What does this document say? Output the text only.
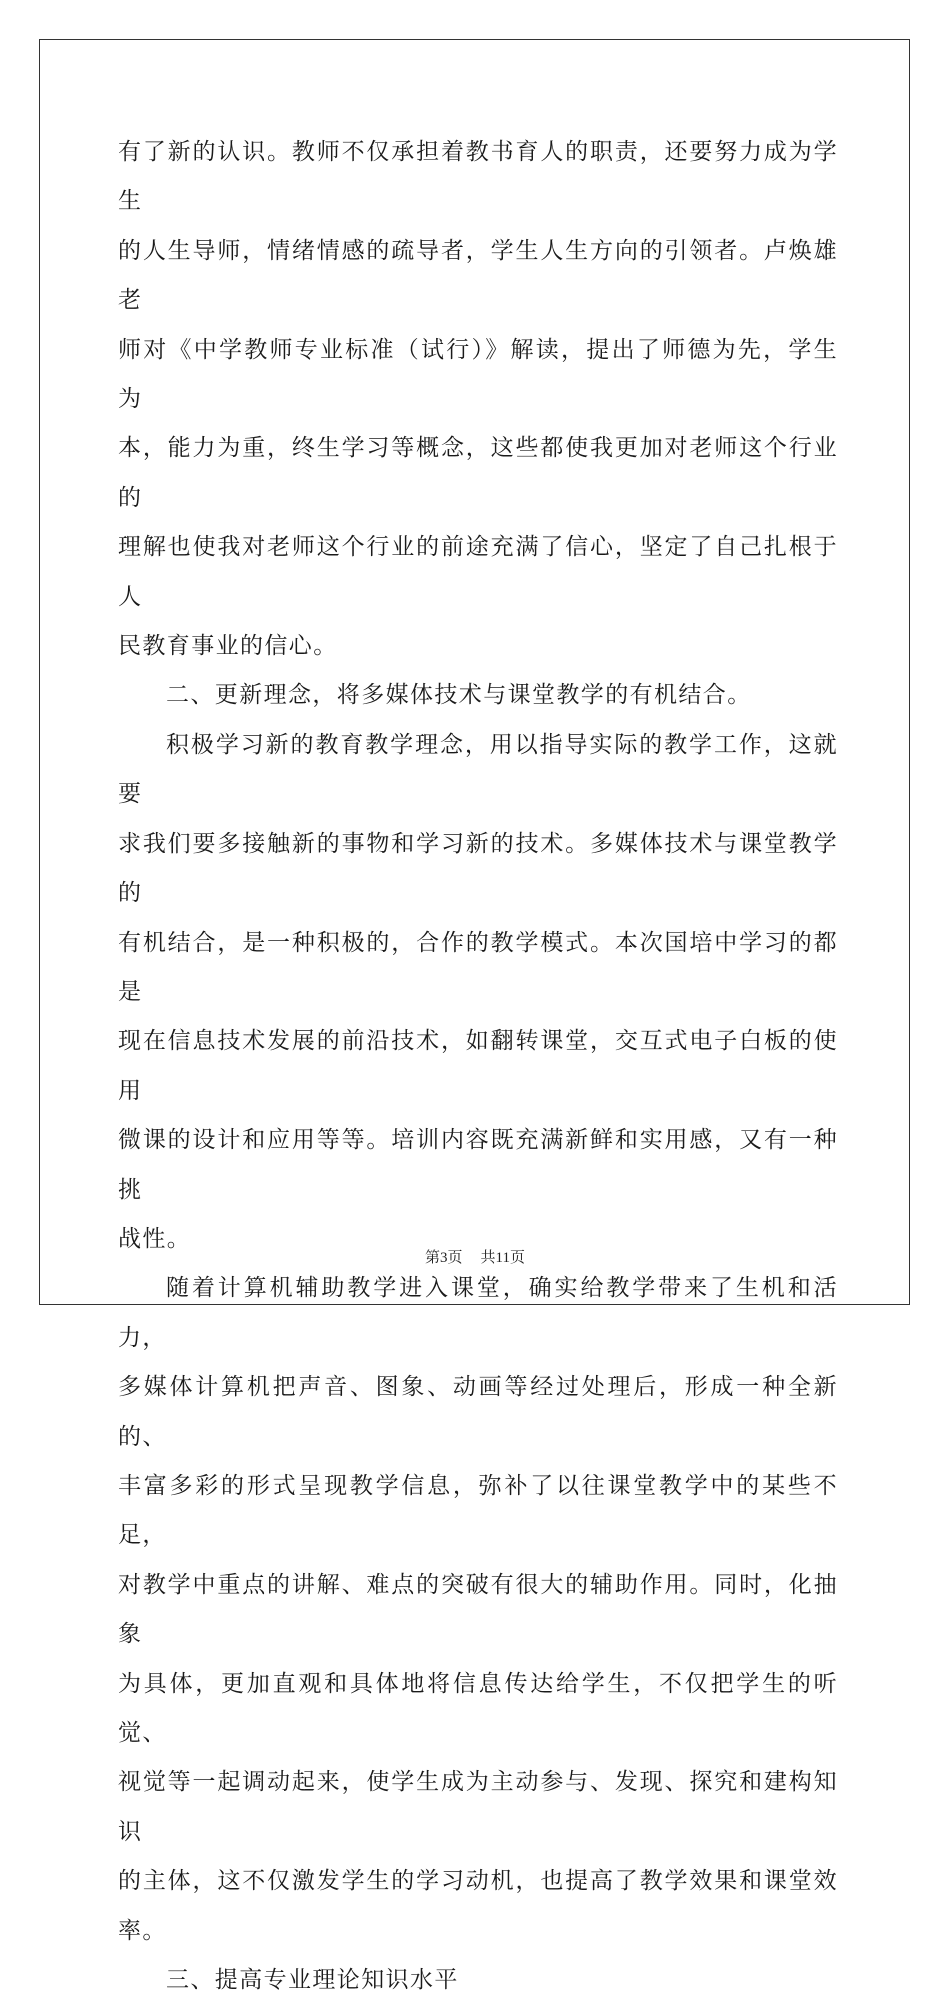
有了新的认识。教师不仅承担着教书育人的职责，还要努力成为学生
的人生导师，情绪情感的疏导者，学生人生方向的引领者。卢焕雄老
师对《中学教师专业标准（试行）》解读，提出了师德为先，学生为
本，能力为重，终生学习等概念，这些都使我更加对老师这个行业的
理解也使我对老师这个行业的前途充满了信心，坚定了自己扎根于人
民教育事业的信心。

二、更新理念，将多媒体技术与课堂教学的有机结合。

积极学习新的教育教学理念，用以指导实际的教学工作，这就要
求我们要多接触新的事物和学习新的技术。多媒体技术与课堂教学的
有机结合，是一种积极的，合作的教学模式。本次国培中学习的都是
现在信息技术发展的前沿技术，如翻转课堂，交互式电子白板的使用
微课的设计和应用等等。培训内容既充满新鲜和实用感，又有一种挑
战性。

随着计算机辅助教学进入课堂，确实给教学带来了生机和活力，
多媒体计算机把声音、图象、动画等经过处理后，形成一种全新的、
丰富多彩的形式呈现教学信息，弥补了以往课堂教学中的某些不足，
对教学中重点的讲解、难点的突破有很大的辅助作用。同时，化抽象
为具体，更加直观和具体地将信息传达给学生，不仅把学生的听觉、
视觉等一起调动起来，使学生成为主动参与、发现、探究和建构知识
的主体，这不仅激发学生的学习动机，也提高了教学效果和课堂效率。

三、提高专业理论知识水平

第3页 共11页
